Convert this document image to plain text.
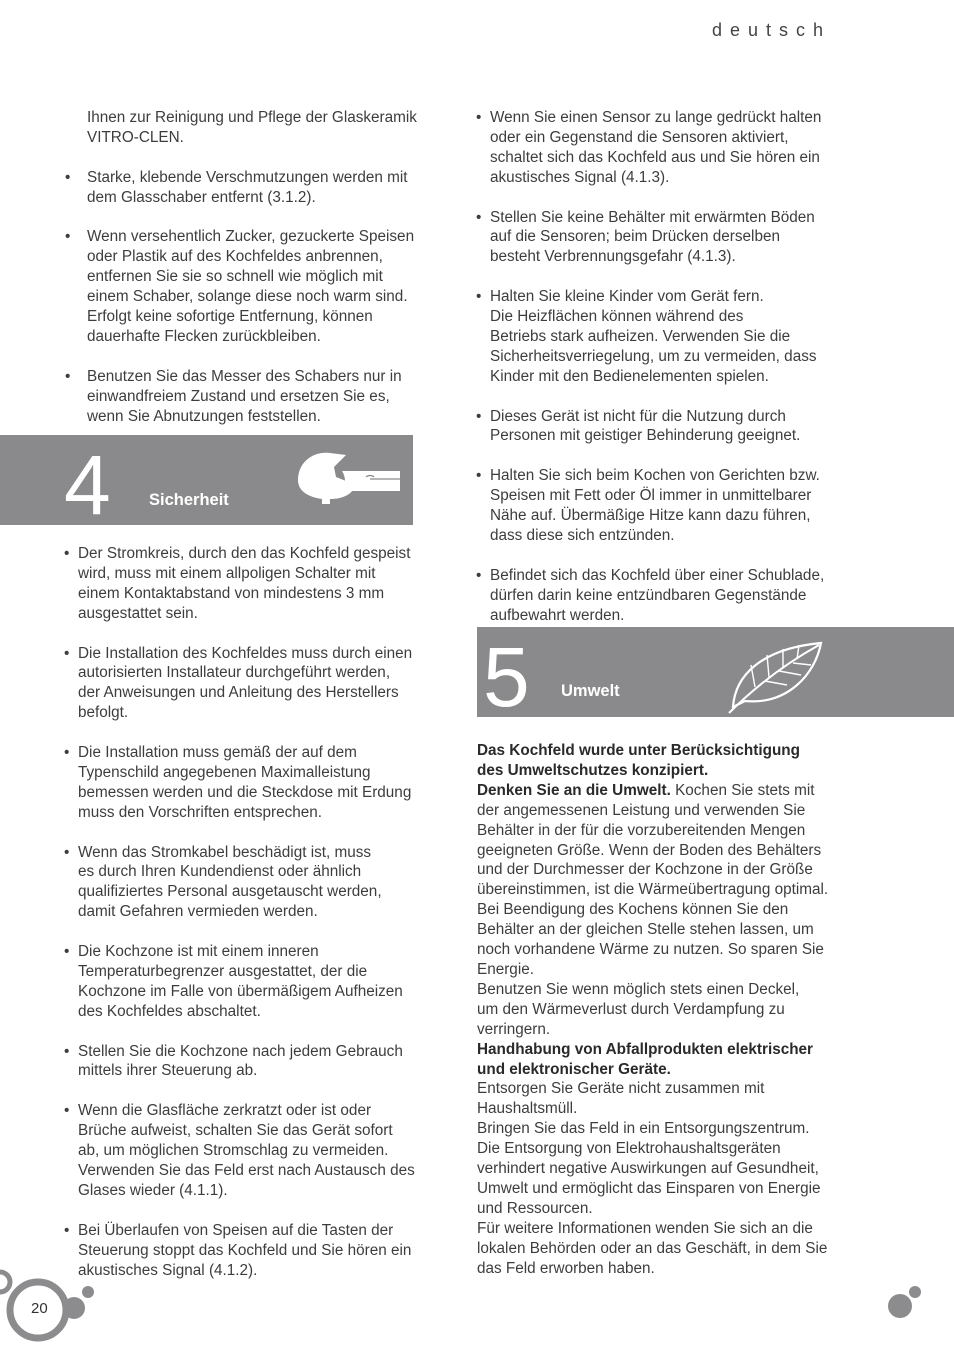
deutsch

Ihnen zur Reinigung und Pflege der Glaskeramik
VITRO-CLEN.

• Starke, klebende Verschmutzungen werden mit
dem Glasschaber entfernt (3.1.2).

• Wenn versehentlich Zucker, gezuckerte Speisen
oder Plastik auf des Kochfeldes anbrennen,
entfernen Sie sie so schnell wie möglich mit
einem Schaber, solange diese noch warm sind.
Erfolgt keine sofortige Entfernung, können
dauerhafte Flecken zurückbleiben.

• Benutzen Sie das Messer des Schabers nur in
einwandfreiem Zustand und ersetzen Sie es,
wenn Sie Abnutzungen feststellen.

4 Sicherheit

• Der Stromkreis, durch den das Kochfeld gespeist
wird, muss mit einem allpoligen Schalter mit
einem Kontaktabstand von mindestens 3 mm
ausgestattet sein.

• Die Installation des Kochfeldes muss durch einen
autorisierten Installateur durchgeführt werden,
der Anweisungen und Anleitung des Herstellers
befolgt.

• Die Installation muss gemäß der auf dem
Typenschild angegebenen Maximalleistung
bemessen werden und die Steckdose mit Erdung
muss den Vorschriften entsprechen.

• Wenn das Stromkabel beschädigt ist, muss
es durch Ihren Kundendienst oder ähnlich
qualifiziertes Personal ausgetauscht werden,
damit Gefahren vermieden werden.

• Die Kochzone ist mit einem inneren
Temperaturbegrenzer ausgestattet, der die
Kochzone im Falle von übermäßigem Aufheizen
des Kochfeldes abschaltet.

• Stellen Sie die Kochzone nach jedem Gebrauch
mittels ihrer Steuerung ab.

• Wenn die Glasfläche zerkratzt oder ist oder
Brüche aufweist, schalten Sie das Gerät sofort
ab, um möglichen Stromschlag zu vermeiden.
Verwenden Sie das Feld erst nach Austausch des
Glases wieder (4.1.1).

• Bei Überlaufen von Speisen auf die Tasten der
Steuerung stoppt das Kochfeld und Sie hören ein
akustisches Signal (4.1.2).

• Wenn Sie einen Sensor zu lange gedrückt halten
oder ein Gegenstand die Sensoren aktiviert,
schaltet sich das Kochfeld aus und Sie hören ein
akustisches Signal (4.1.3).

• Stellen Sie keine Behälter mit erwärmten Böden
auf die Sensoren; beim Drücken derselben
besteht Verbrennungsgefahr (4.1.3).

• Halten Sie kleine Kinder vom Gerät fern.
Die Heizflächen können während des
Betriebs stark aufheizen. Verwenden Sie die
Sicherheitsverriegelung, um zu vermeiden, dass
Kinder mit den Bedienelementen spielen.

• Dieses Gerät ist nicht für die Nutzung durch
Personen mit geistiger Behinderung geeignet.

• Halten Sie sich beim Kochen von Gerichten bzw.
Speisen mit Fett oder Öl immer in unmittelbarer
Nähe auf. Übermäßige Hitze kann dazu führen,
dass diese sich entzünden.

• Befindet sich das Kochfeld über einer Schublade,
dürfen darin keine entzündbaren Gegenstände
aufbewahrt werden.

5 Umwelt
Das Kochfeld wurde unter Berücksichtigung
des Umweltschutzes konzipiert.
Denken Sie an die Umwelt. Kochen Sie stets mit
der angemessenen Leistung und verwenden Sie
Behälter in der für die vorzubereitenden Mengen
geeigneten Größe. Wenn der Boden des Behälters
und der Durchmesser der Kochzone in der Größe
übereinstimmen, ist die Wärmeübertragung optimal.
Bei Beendigung des Kochens können Sie den
Behälter an der gleichen Stelle stehen lassen, um
noch vorhandene Wärme zu nutzen. So sparen Sie
Energie.
Benutzen Sie wenn möglich stets einen Deckel,
um den Wärmeverlust durch Verdampfung zu
verringern.
Handhabung von Abfallprodukten elektrischer
und elektronischer Geräte.
Entsorgen Sie Geräte nicht zusammen mit
Haushaltsmüll.
Bringen Sie das Feld in ein Entsorgungszentrum.
Die Entsorgung von Elektrohaushaltsgeräten
verhindert negative Auswirkungen auf Gesundheit,
Umwelt und ermöglicht das Einsparen von Energie
und Ressourcen.
Für weitere Informationen wenden Sie sich an die
lokalen Behörden oder an das Geschäft, in dem Sie
das Feld erworben haben.
20
